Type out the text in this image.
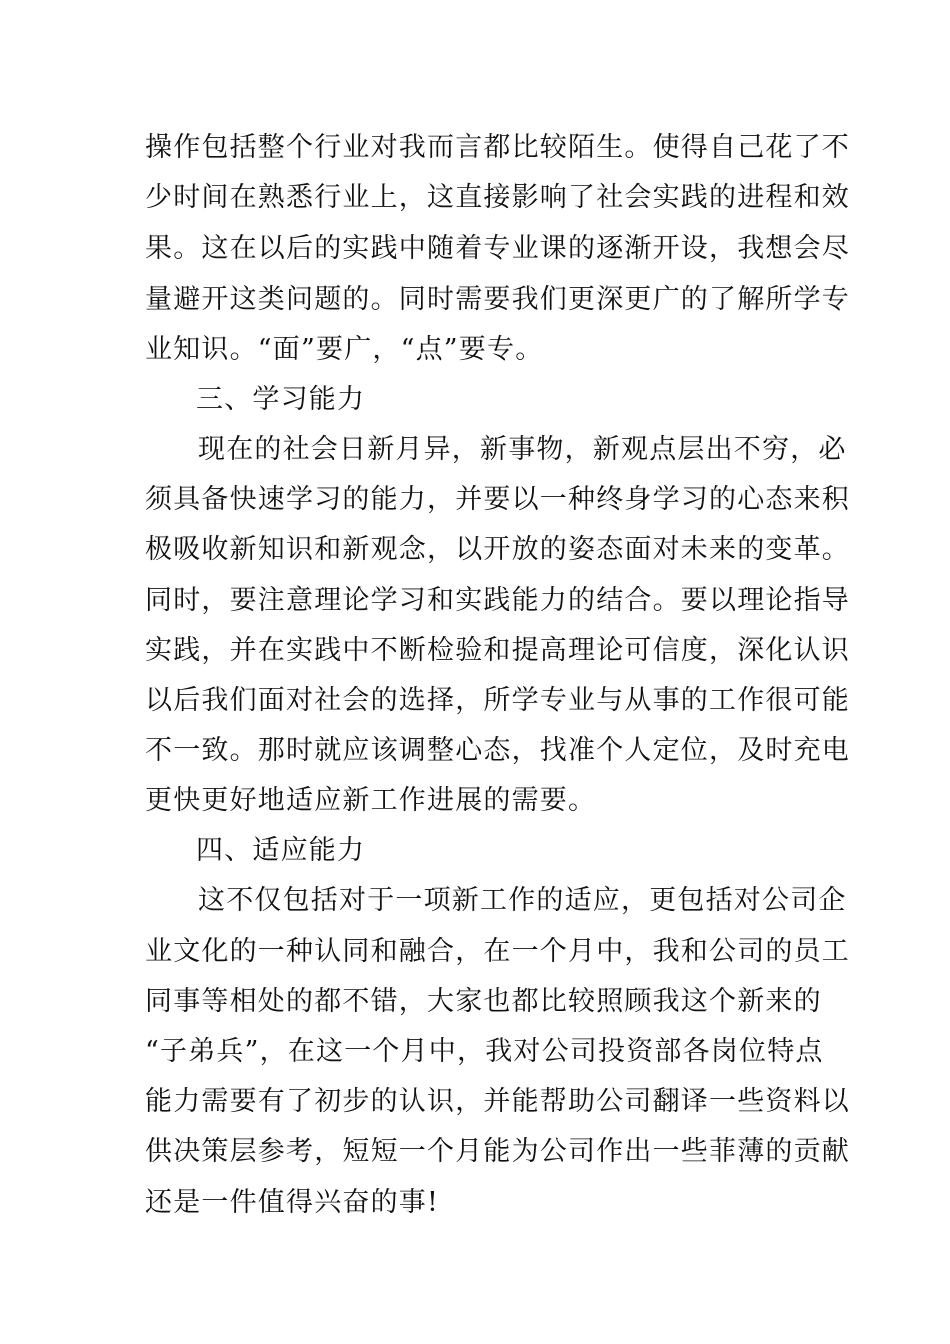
操作包括整个行业对我而言都比较陌生。使得自己花了不
少时间在熟悉行业上，这直接影响了社会实践的进程和效
果。这在以后的实践中随着专业课的逐渐开设，我想会尽
量避开这类问题的。同时需要我们更深更广的了解所学专
业知识。“面”要广，“点”要专。
三、学习能力
现在的社会日新月异，新事物，新观点层出不穷，必
须具备快速学习的能力，并要以一种终身学习的心态来积
极吸收新知识和新观念，以开放的姿态面对未来的变革。
同时，要注意理论学习和实践能力的结合。要以理论指导
实践，并在实践中不断检验和提高理论可信度，深化认识
以后我们面对社会的选择，所学专业与从事的工作很可能
不一致。那时就应该调整心态，找准个人定位，及时充电
更快更好地适应新工作进展的需要。
四、适应能力
这不仅包括对于一项新工作的适应，更包括对公司企
业文化的一种认同和融合，在一个月中，我和公司的员工
同事等相处的都不错，大家也都比较照顾我这个新来的
“子弟兵”，在这一个月中，我对公司投资部各岗位特点
能力需要有了初步的认识，并能帮助公司翻译一些资料以
供决策层参考，短短一个月能为公司作出一些菲薄的贡献
还是一件值得兴奋的事!
